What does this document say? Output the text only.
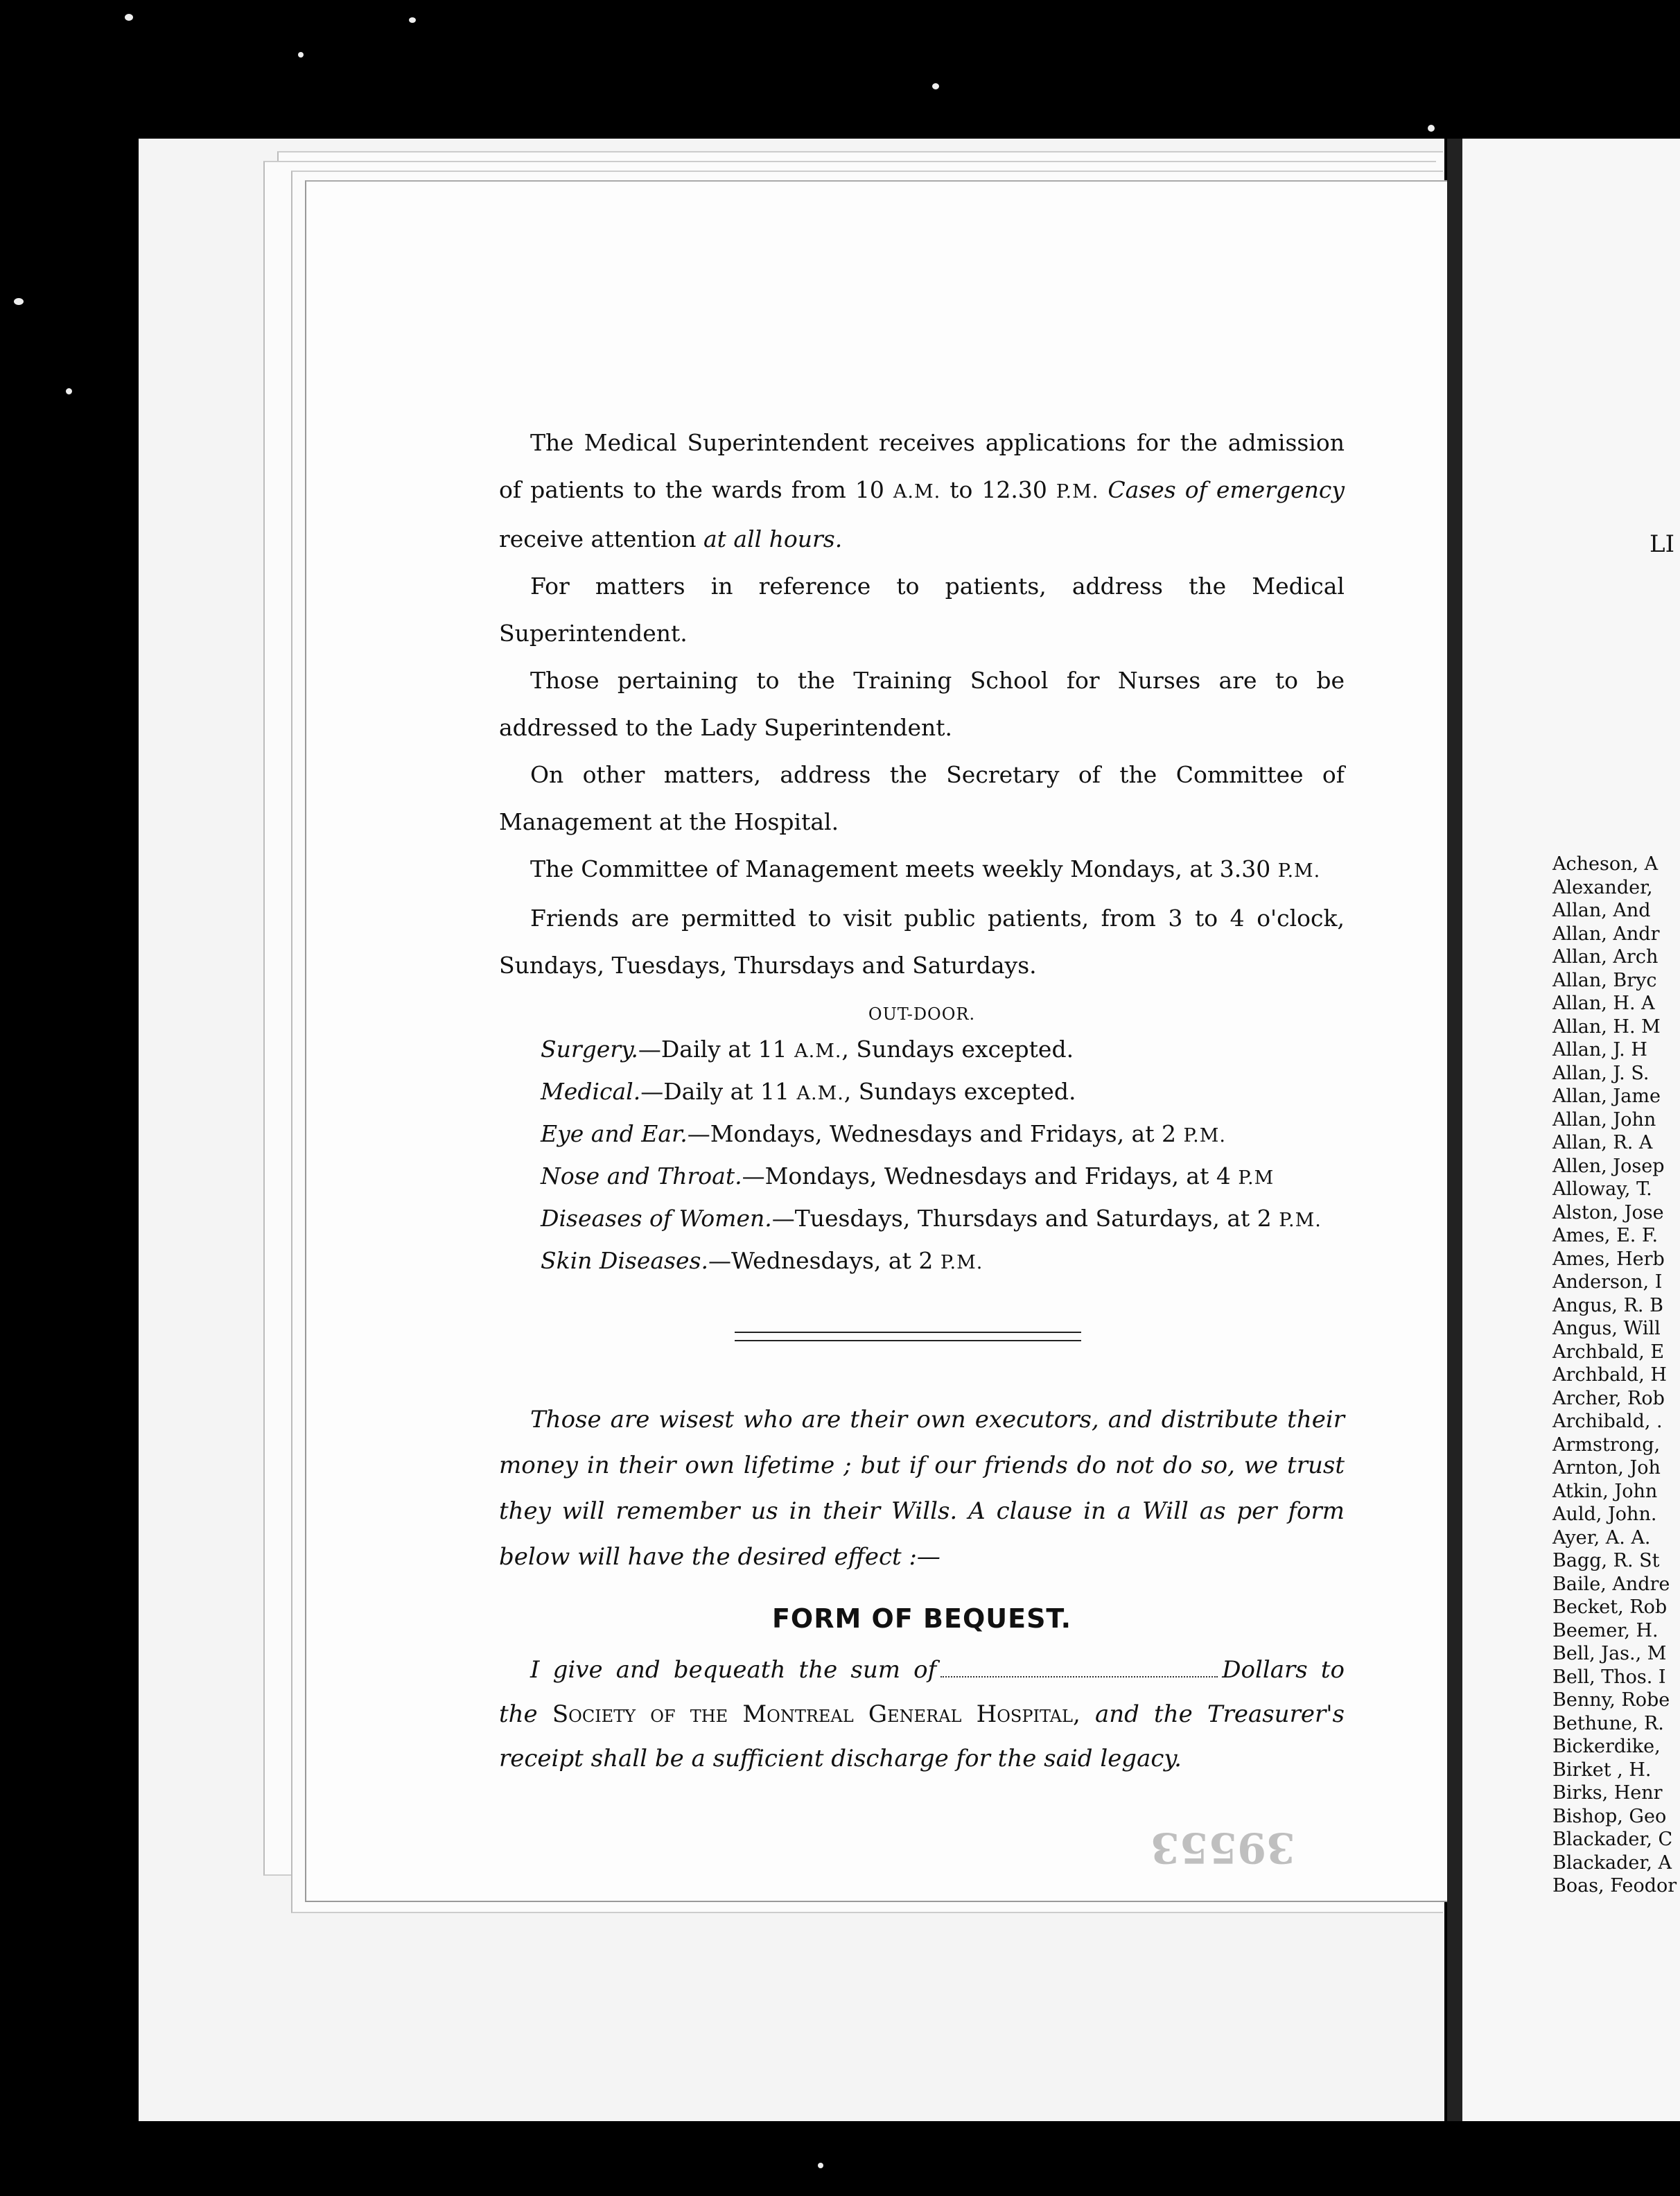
LI
Acheson, A
Alexander,
Allan, And
Allan, Andr
Allan, Arch
Allan, Bryc
Allan, H. A
Allan, H. M
Allan, J. H
Allan, J. S.
Allan, Jame
Allan, John
Allan, R. A
Allen, Josep
Alloway, T.
Alston, Jose
Ames, E. F.
Ames, Herb
Anderson, I
Angus, R. B
Angus, Will
Archbald, E
Archbald, H
Archer, Rob
Archibald, .
Armstrong,
Arnton, Joh
Atkin, John
Auld, John.
Ayer, A. A.
Bagg, R. St
Baile, Andre
Becket, Rob
Beemer, H.
Bell, Jas., M
Bell, Thos. I
Benny, Robe
Bethune, R.
Bickerdike,
Birket , H.
Birks, Henr
Bishop, Geo
Blackader, C
Blackader, A
Boas, Feodor

The Medical Superintendent receives applications for the admission of patients to the wards from 10 A.M. to 12.30 P.M. Cases of emergency receive attention at all hours.

For matters in reference to patients, address the Medical Superintendent.

Those pertaining to the Training School for Nurses are to be addressed to the Lady Superintendent.

On other matters, address the Secretary of the Committee of Management at the Hospital.

The Committee of Management meets weekly Mondays, at 3.30 P.M.

Friends are permitted to visit public patients, from 3 to 4 o'clock, Sundays, Tuesdays, Thursdays and Saturdays.

OUT-DOOR.

Surgery.—Daily at 11 A.M., Sundays excepted.

Medical.—Daily at 11 A.M., Sundays excepted.

Eye and Ear.—Mondays, Wednesdays and Fridays, at 2 P.M.

Nose and Throat.—Mondays, Wednesdays and Fridays, at 4 P.M

Diseases of Women.—Tuesdays, Thursdays and Saturdays, at 2 P.M.

Skin Diseases.—Wednesdays, at 2 P.M.

Those are wisest who are their own executors, and distribute their money in their own lifetime ; but if our friends do not do so, we trust they will remember us in their Wills. A clause in a Will as per form below will have the desired effect :—

FORM OF BEQUEST.

I give and bequeath the sum of	Dollars to the Society of the Montreal General Hospital, and the Treasurer's receipt shall be a sufficient discharge for the said legacy.

39553
